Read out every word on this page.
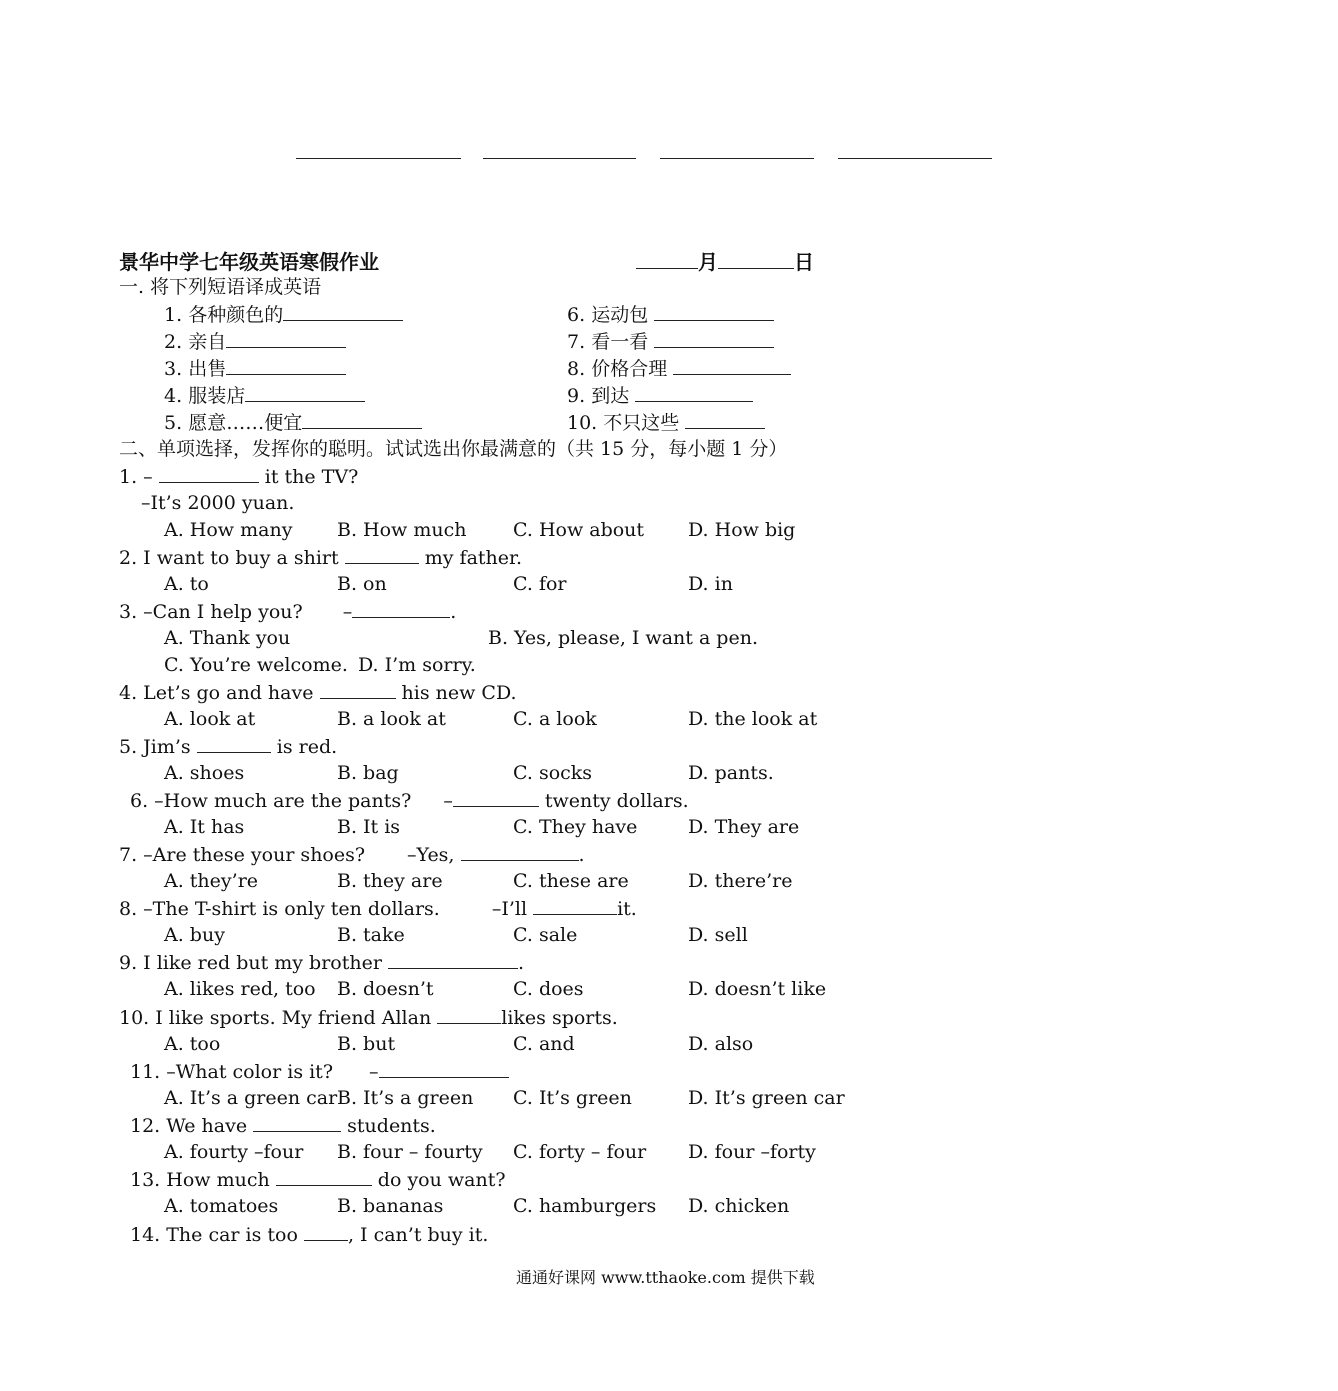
景华中学七年级英语寒假作业	月	日
一. 将下列短语译成英语
1. 各种颜色的
2. 亲自
3. 出售
4. 服装店
5. 愿意……便宜
6. 运动包
7. 看一看
8. 价格合理
9. 到达
10. 不只这些
二、单项选择，发挥你的聪明。试试选出你最满意的（共 15 分，每小题 1 分）
1. –	it the TV?
–It’s 2000 yuan.
A. How many B. How much C. How about D. How big
2. I want to buy a shirt	my father.
A. to	B. on	C. for	D. in
3. –Can I help you? –	.
A. Thank you	B. Yes, please, I want a pen.
C. You’re welcome. D. I’m sorry.
4. Let’s go and have	his new CD.
A. look at	B. a look at	C. a look	D. the look at
5. Jim’s	is red.
A. shoes	B. bag	C. socks	D. pants.
6. –How much are the pants? –	twenty dollars.
A. It has	B. It is	C. They have	D. They are
7. –Are these your shoes? –Yes,	.
A. they’re	B. they are	C. these are	D. there’re
8. –The T-shirt is only ten dollars.	–I’ll	it.
A. buy	B. take	C. sale	D. sell
9. I like red but my brother	.
A. likes red, too B. doesn’t	C. does	D. doesn’t like
10. I like sports. My friend Allan	likes sports.
A. too	B. but	C. and	D. also
11. –What color is it? –
A. It’s a green car B. It’s a green C. It’s green	D. It’s green car
12. We have	students.
A. fourty –four B. four – fourty C. forty – four D. four –forty
13. How much	do you want?
A. tomatoes	B. bananas	C. hamburgers D. chicken
14. The car is too	, I can’t buy it.
通通好课网 www.tthaoke.com 提供下载
